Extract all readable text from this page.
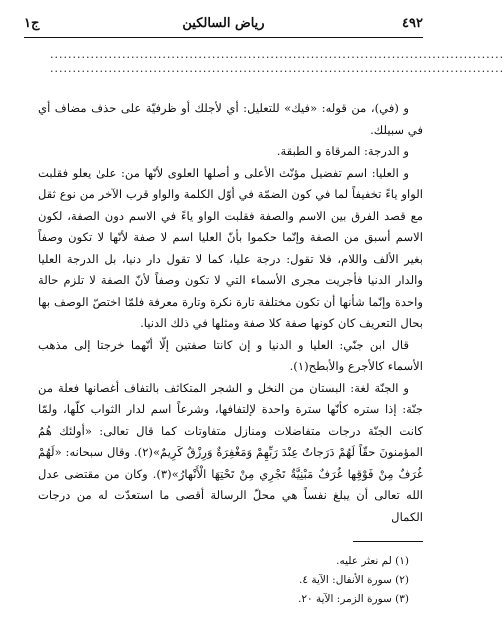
٤٩٢
رياض السالكين
ج١
.....................................................................................................
.....................................................................................................

و (في)، من قوله: «فيك» للتعليل: أي لأجلك أو ظرفيّة على حذف مضاف أي في سبيلك.

و الدرجة: المرقاة و الطبقة.

و العليا: اسم تفضيل مؤنّث الأعلى و أصلها العلوى لأنّها من: علىٰ يعلو فقلبت الواو ياءً تخفيفاً لما في كون الضمّة في أوّل الكلمة والواو قرب الآخر من نوع ثقل مع قصد الفرق بين الاسم والصفة فقلبت الواو ياءً في الاسم دون الصفة، لكون الاسم أسبق من الصفة وإنّما حكموا بأنّ العليا اسم لا صفة لأنّها لا تكون وصفاً بغير الألف واللام، فلا تقول: درجة عليا، كما لا تقول دار دنيا، بل الدرجة العليا والدار الدنيا فأجريت مجرى الأسماء التي لا تكون وصفاً لأنّ الصفة لا تلزم حالة واحدة وإنّما شأنها أن تكون مختلفة تارة نكرة وتارة معرفة فلمّا اختصّ الوصف بها بحال التعريف كان كونها صفة كلا صفة ومثلها في ذلك الدنيا.

قال ابن جنّي: العليا و الدنيا و إن كانتا صفتين إلّا أنّهما خرجتا إلى مذهب الأسماء كالأجرع والأبطح(١).

و الجنّة لغة: البستان من النخل و الشجر المتكاثف بالتفاف أغصانها فعلة من جنّة: إذا ستره كأنّها سترة واحدة لإلتفافها، وشرعاً اسم لدار الثواب كلّها، ولمّا كانت الجنّة درجات متفاضلات ومنازل متفاوتات كما قال تعالى: «أولئك هُمُ المؤمنونَ حقّاً لَهُمْ دَرَجاتٌ عِنْدَ رَبِّهِمْ وَمَغْفِرَةٌ وَرِزْقٌ كَرِيمٌ»(٢). وقال سبحانه: «لَهُمْ غُرَفٌ مِنْ فَوْقِها غُرَفٌ مَبْنِيَّةٌ تَجْرِي مِنْ تَحْتِهَا الْأَنْهارُ»(٣). وكان من مقتضى عدل الله تعالى أن يبلغ نفساً هي محلّ الرسالة أقصى ما استعدّت له من درجات الكمال

(١) لم نعثر عليه.

(٢) سورة الأنفال: الآية ٤.

(٣) سورة الزمر: الآية ٢٠.
